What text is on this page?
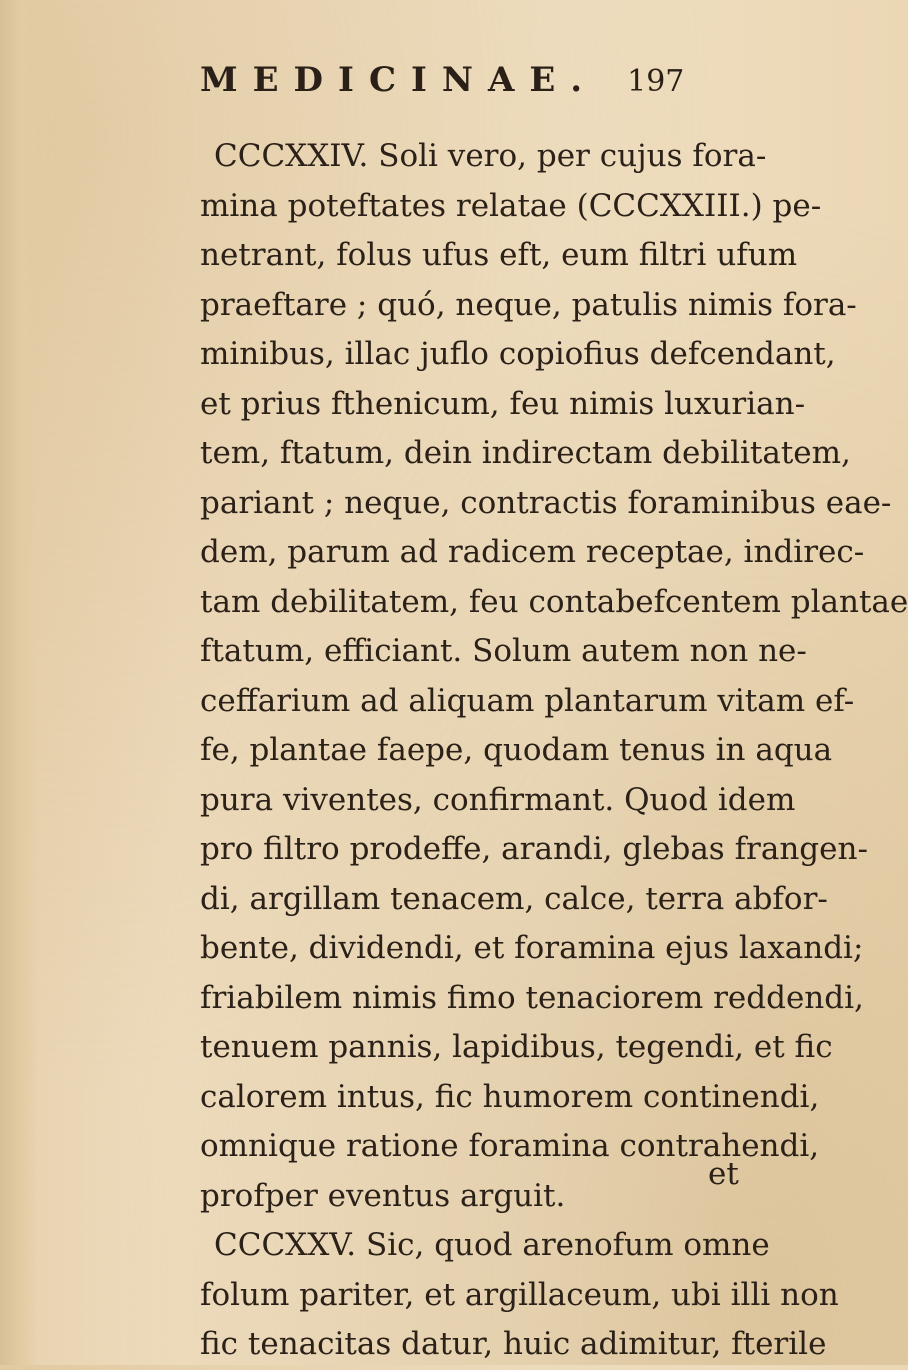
MEDICINAE. 197
CCCXXIV. Soli vero, per cujus fora-
mina poteftates relatae (CCCXXIII.) pe-
netrant, folus ufus eft, eum filtri ufum
praeftare ; quó, neque, patulis nimis fora-
minibus, illac juflo copiofius defcendant,
et prius fthenicum, feu nimis luxurian-
tem, ftatum, dein indirectam debilitatem,
pariant ; neque, contractis foraminibus eae-
dem, parum ad radicem receptae, indirec-
tam debilitatem, feu contabefcentem plantae
ftatum, efficiant. Solum autem non ne-
ceffarium ad aliquam plantarum vitam ef-
fe, plantae faepe, quodam tenus in aqua
pura viventes, confirmant. Quod idem
pro filtro prodeffe, arandi, glebas frangen-
di, argillam tenacem, calce, terra abfor-
bente, dividendi, et foramina ejus laxandi;
friabilem nimis fimo tenaciorem reddendi,
tenuem pannis, lapidibus, tegendi, et fic
calorem intus, fic humorem continendi,
omnique ratione foramina contrahendi,
profper eventus arguit.
CCCXXV. Sic, quod arenofum omne
folum pariter, et argillaceum, ubi illi non
fic tenacitas datur, huic adimitur, fterile
et
